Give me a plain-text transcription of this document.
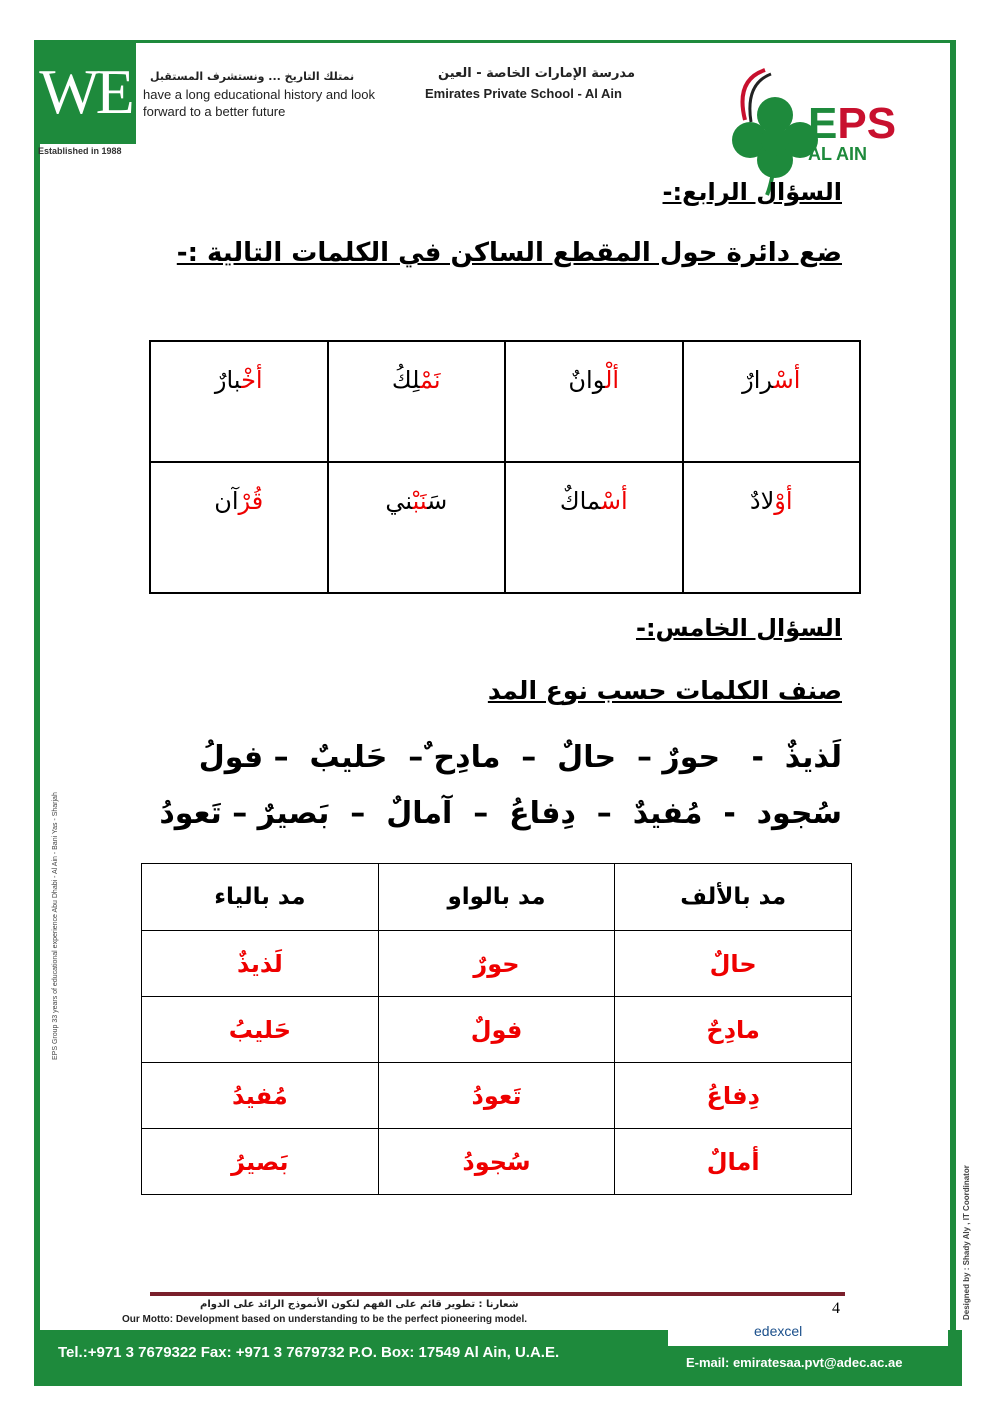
WE
Established in 1988
نمتلك التاريخ ... ونستشرف المستقبل
have a long educational history and look forward to a better future
مدرسة الإمارات الخاصة - العين
Emirates Private School - Al Ain
EPS
AL AIN
السؤال الرابع:-
ضع دائرة حول المقطع الساكن في الكلمات التالية :-
أسْرارٌ	ألْوانٌ	نَمْلِكُ	أخْبارٌ
أوْلادٌ	أسْماكٌ	سَنَبْني	قُرْآن
السؤال الخامس:-
صنف الكلمات حسب نوع المد
لَذيذٌ  -   حورٌ –  حالٌ  –  مادِح ٌ–  حَليبٌ  – فولُ
سُجود  -  مُفيدٌ  –  دِفاعُ  –  آمالٌ  –  بَصيرٌ – تَعودُ
مد بالألف	مد بالواو	مد بالياء
حالٌ	حورٌ	لَذيذٌ
مادِحٌ	فولٌ	حَليبُ
دِفاعُ	تَعودُ	مُفيدُ
أمالٌ	سُجودُ	بَصيرُ
EPS Group 33 years of educational experience Abu Dhabi - Al Ain - Bani Yas - Sharjah
Designed by : Shady Aly , IT Coordinator
شعارنا : تطوير قائم على الفهم لنكون الأنموذج الرائد على الدوام
Our Motto: Development based on understanding to be the perfect pioneering model.
4
edexcel
Tel.:+971 3 7679322 Fax: +971 3 7679732 P.O. Box: 17549 Al Ain, U.A.E.
E-mail: emiratesaa.pvt@adec.ac.ae
